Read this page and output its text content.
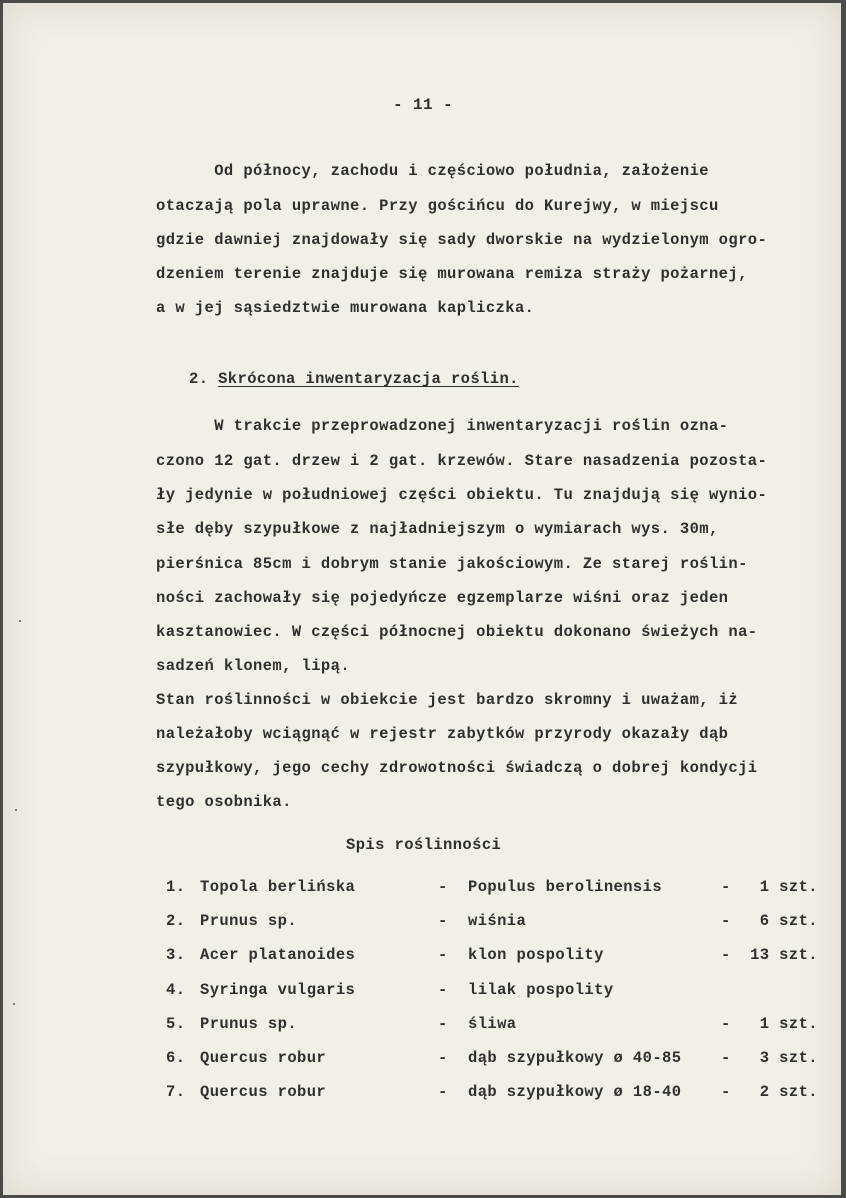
- 11 -
Od północy, zachodu i częściowo południa, założenie
otaczają pola uprawne. Przy gościńcu do Kurejwy, w miejscu
gdzie dawniej znajdowały się sady dworskie na wydzielonym ogro-
dzeniem terenie znajduje się murowana remiza straży pożarnej,
a w jej sąsiedztwie murowana kapliczka.
2. Skrócona inwentaryzacja roślin.
W trakcie przeprowadzonej inwentaryzacji roślin ozna-
czono 12 gat. drzew i 2 gat. krzewów. Stare nasadzenia pozosta-
ły jedynie w południowej części obiektu. Tu znajdują się wynio-
słe dęby szypułkowe z najładniejszym o wymiarach wys. 30m,
pierśnica 85cm i dobrym stanie jakościowym. Ze starej roślin-
ności zachowały się pojedyńcze egzemplarze wiśni oraz jeden
kasztanowiec. W części północnej obiektu dokonano świeżych na-
sadzeń klonem, lipą.
Stan roślinności w obiekcie jest bardzo skromny i uważam, iż
należałoby wciągnąć w rejestr zabytków przyrody okazały dąb
szypułkowy, jego cechy zdrowotności świadczą o dobrej kondycji
tego osobnika.
Spis roślinności
1. Topola berlińska	- Populus berolinensis	-	1 szt.
2. Prunus sp.	- wiśnia	-	6 szt.
3. Acer platanoides	- klon pospolity	- 13 szt.
4. Syringa vulgaris	- lilak pospolity
5. Prunus sp.	- śliwa	-	1 szt.
6. Quercus robur	- dąb szypułkowy ø 40-85	-	3 szt.
7. Quercus robur	- dąb szypułkowy ø 18-40	-	2 szt.
